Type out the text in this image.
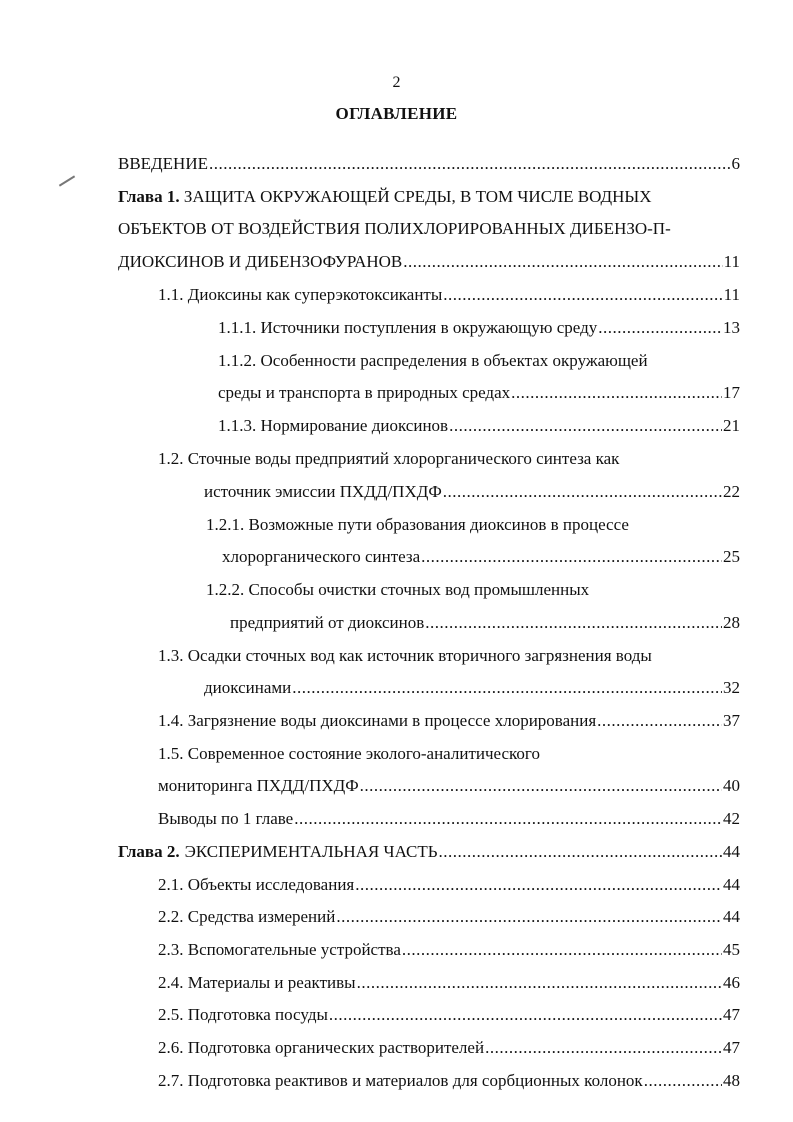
2
ОГЛАВЛЕНИЕ
ВВЕДЕНИЕ .....	6
Глава 1. ЗАЩИТА ОКРУЖАЮЩЕЙ СРЕДЫ, В ТОМ ЧИСЛЕ ВОДНЫХ
ОБЪЕКТОВ ОТ ВОЗДЕЙСТВИЯ ПОЛИХЛОРИРОВАННЫХ ДИБЕНЗО-П-
ДИОКСИНОВ И ДИБЕНЗОФУРАНОВ .....	11
1.1. Диоксины как суперэкотоксиканты .....	11
1.1.1. Источники поступления в окружающую среду .....	13
1.1.2. Особенности распределения в объектах окружающей
среды и транспорта в природных средах .....	17
1.1.3. Нормирование диоксинов .....	21
1.2. Сточные воды предприятий хлорорганического синтеза как
источник эмиссии ПХДД/ПХДФ .....	22
1.2.1. Возможные пути образования диоксинов в процессе
хлорорганического синтеза .....	25
1.2.2. Способы очистки сточных вод промышленных
предприятий от диоксинов .....	28
1.3. Осадки сточных вод как источник вторичного загрязнения воды
диоксинами .....	32
1.4. Загрязнение воды диоксинами в процессе хлорирования .....	37
1.5. Современное состояние эколого-аналитического
мониторинга ПХДД/ПХДФ .....	40
Выводы по 1 главе .....	42
Глава 2. ЭКСПЕРИМЕНТАЛЬНАЯ ЧАСТЬ .....	44
2.1. Объекты исследования .....	44
2.2. Средства измерений .....	44
2.3. Вспомогательные устройства .....	45
2.4. Материалы и реактивы .....	46
2.5. Подготовка посуды .....	47
2.6. Подготовка органических растворителей .....	47
2.7. Подготовка реактивов и материалов для сорбционных колонок .....	48
